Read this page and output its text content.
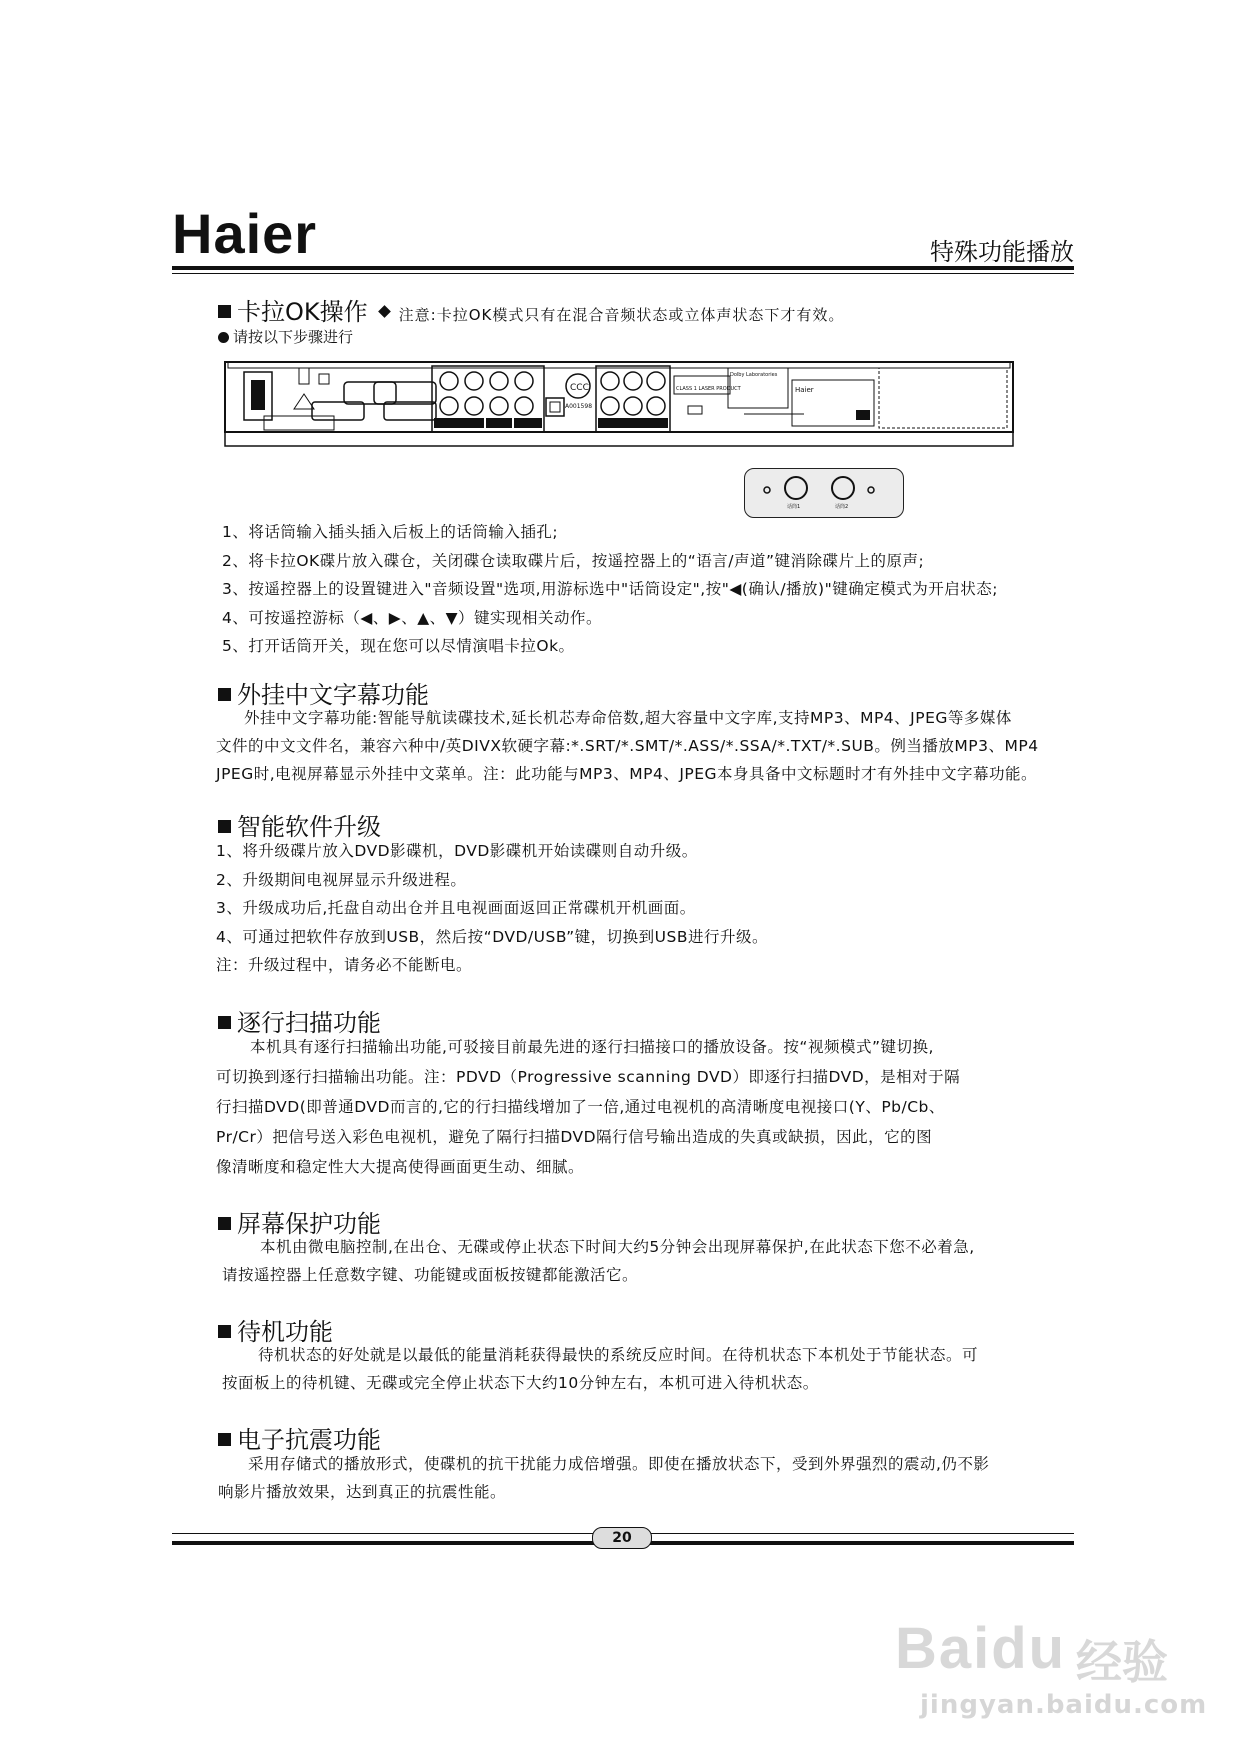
Haier	特殊功能播放
卡拉OK操作 注意:卡拉OK模式只有在混合音频状态或立体声状态下才有效。
请按以下步骤进行
CCC
A001598
CLASS 1 LASER PRODUCT
Dolby Laboratories
Haier
话筒1	话筒2
1、将话筒输入插头插入后板上的话筒输入插孔;
2、将卡拉OK碟片放入碟仓，关闭碟仓读取碟片后，按遥控器上的“语言/声道”键消除碟片上的原声;
3、按遥控器上的设置键进入"音频设置"选项,用游标选中"话筒设定",按"◀(确认/播放)"键确定模式为开启状态;
4、可按遥控游标（◀、▶、▲、▼）键实现相关动作。
5、打开话筒开关，现在您可以尽情演唱卡拉Ok。
外挂中文字幕功能
外挂中文字幕功能:智能导航读碟技术,延长机芯寿命倍数,超大容量中文字库,支持MP3、MP4、JPEG等多媒体
文件的中文文件名，兼容六种中/英DIVX软硬字幕:*.SRT/*.SMT/*.ASS/*.SSA/*.TXT/*.SUB。例当播放MP3、MP4
JPEG时,电视屏幕显示外挂中文菜单。注：此功能与MP3、MP4、JPEG本身具备中文标题时才有外挂中文字幕功能。
智能软件升级
1、将升级碟片放入DVD影碟机，DVD影碟机开始读碟则自动升级。
2、升级期间电视屏显示升级进程。
3、升级成功后,托盘自动出仓并且电视画面返回正常碟机开机画面。
4、可通过把软件存放到USB，然后按“DVD/USB”键，切换到USB进行升级。
注：升级过程中，请务必不能断电。
逐行扫描功能
本机具有逐行扫描输出功能,可驳接目前最先进的逐行扫描接口的播放设备。按“视频模式”键切换,
可切换到逐行扫描输出功能。注：PDVD（Progressive scanning DVD）即逐行扫描DVD，是相对于隔
行扫描DVD(即普通DVD而言的,它的行扫描线增加了一倍,通过电视机的高清晰度电视接口(Y、Pb/Cb、
Pr/Cr）把信号送入彩色电视机，避免了隔行扫描DVD隔行信号输出造成的失真或缺损，因此，它的图
像清晰度和稳定性大大提高使得画面更生动、细腻。
屏幕保护功能
本机由微电脑控制,在出仓、无碟或停止状态下时间大约5分钟会出现屏幕保护,在此状态下您不必着急,
请按遥控器上任意数字键、功能键或面板按键都能激活它。
待机功能
待机状态的好处就是以最低的能量消耗获得最快的系统反应时间。在待机状态下本机处于节能状态。可
按面板上的待机键、无碟或完全停止状态下大约10分钟左右，本机可进入待机状态。
电子抗震功能
采用存储式的播放形式，使碟机的抗干扰能力成倍增强。即使在播放状态下，受到外界强烈的震动,仍不影
响影片播放效果，达到真正的抗震性能。
20
Baidu 经验
jingyan.baidu.com
